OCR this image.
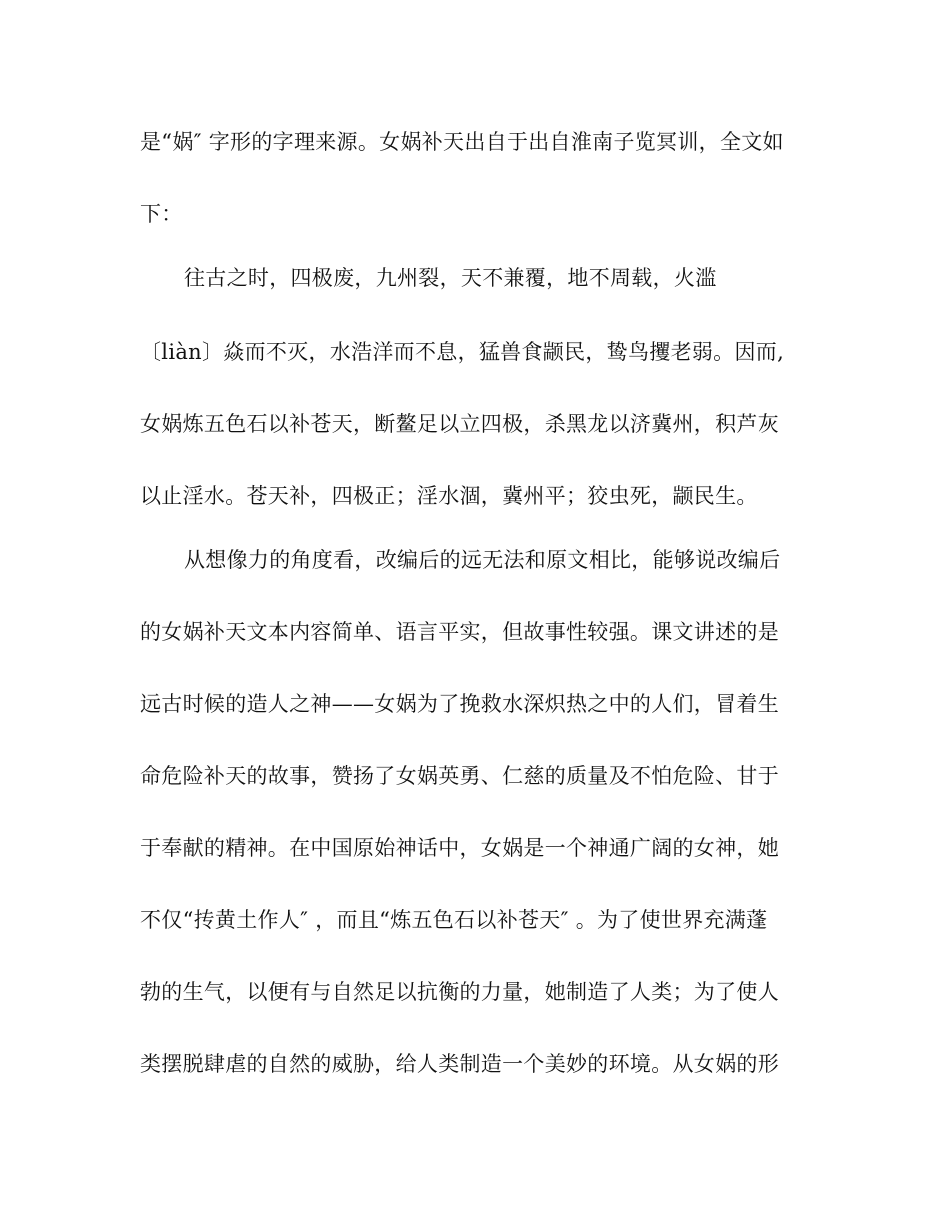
是“娲″ 字形的字理来源。女娲补天出自于出自淮南子览冥训，全文如
下：
往古之时，四极废，九州裂，天不兼覆，地不周载，火滥
〔liàn〕焱而不灭，水浩洋而不息，猛兽食颛民，鸷鸟攫老弱。因而,
女娲炼五色石以补苍天，断鳌足以立四极，杀黑龙以济冀州，积芦灰
以止淫水。苍天补，四极正；淫水涸，冀州平；狡虫死，颛民生。
从想像力的角度看，改编后的远无法和原文相比，能够说改编后
的女娲补天文本内容简单、语言平实，但故事性较强。课文讲述的是
远古时候的造人之神——女娲为了挽救水深炽热之中的人们，冒着生
命危险补天的故事，赞扬了女娲英勇、仁慈的质量及不怕危险、甘于
于奉献的精神。在中国原始神话中，女娲是一个神通广阔的女神，她
不仅“抟黄土作人″ ，而且“炼五色石以补苍天″ 。为了使世界充满蓬
勃的生气，以便有与自然足以抗衡的力量，她制造了人类；为了使人
类摆脱肆虐的自然的威胁，给人类制造一个美妙的环境。从女娲的形
